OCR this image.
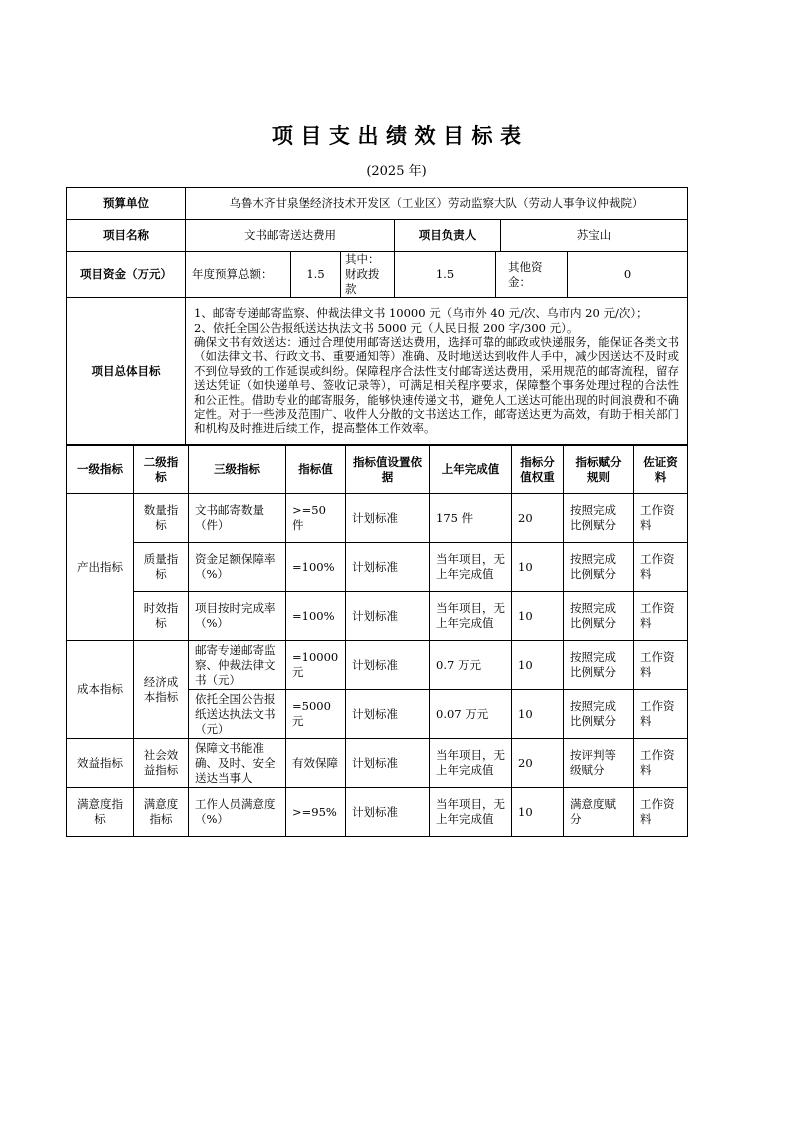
项 目 支 出 绩 效 目 标 表
(2025 年)
预算单位	乌鲁木齐甘泉堡经济技术开发区（工业区）劳动监察大队（劳动人事争议仲裁院）						
项目名称	文书邮寄送达费用			项目负责人		苏宝山	
项目资金（万元）	年度预算总额：	1.5	其中：财政拨款	1.5	其他资金：		0
项目总体目标	1、邮寄专递邮寄监察、仲裁法律文书 10000 元（乌市外 40 元/次、乌市内 20 元/次）；
2、依托全国公告报纸送达执法文书 5000 元（人民日报 200 字/300 元）。
确保文书有效送达：通过合理使用邮寄送达费用，选择可靠的邮政或快递服务，能保证各类文书（如法律文书、行政文书、重要通知等）准确、及时地送达到收件人手中，减少因送达不及时或不到位导致的工作延误或纠纷。保障程序合法性支付邮寄送达费用，采用规范的邮寄流程，留存送达凭证（如快递单号、签收记录等），可满足相关程序要求，保障整个事务处理过程的合法性和公正性。借助专业的邮寄服务，能够快速传递文书，避免人工送达可能出现的时间浪费和不确定性。对于一些涉及范围广、收件人分散的文书送达工作，邮寄送达更为高效，有助于相关部门和机构及时推进后续工作，提高整体工作效率。						
一级指标	二级指标	三级指标	指标值	指标值设置依据	上年完成值	指标分值权重	指标赋分规则	佐证资料
产出指标	数量指标	文书邮寄数量（件）	>=50 件	计划标准	175 件	20	按照完成比例赋分	工作资料
	质量指标	资金足额保障率（%）	=100%	计划标准	当年项目，无上年完成值	10	按照完成比例赋分	工作资料
	时效指标	项目按时完成率（%）	=100%	计划标准	当年项目，无上年完成值	10	按照完成比例赋分	工作资料
成本指标	经济成本指标	邮寄专递邮寄监察、仲裁法律文书（元）	=10000 元	计划标准	0.7 万元	10	按照完成比例赋分	工作资料
		依托全国公告报纸送达执法文书（元）	=5000 元	计划标准	0.07 万元	10	按照完成比例赋分	工作资料
效益指标	社会效益指标	保障文书能准确、及时、安全送达当事人	有效保障	计划标准	当年项目，无上年完成值	20	按评判等级赋分	工作资料
满意度指标	满意度指标	工作人员满意度（%）	>=95%	计划标准	当年项目，无上年完成值	10	满意度赋分	工作资料
